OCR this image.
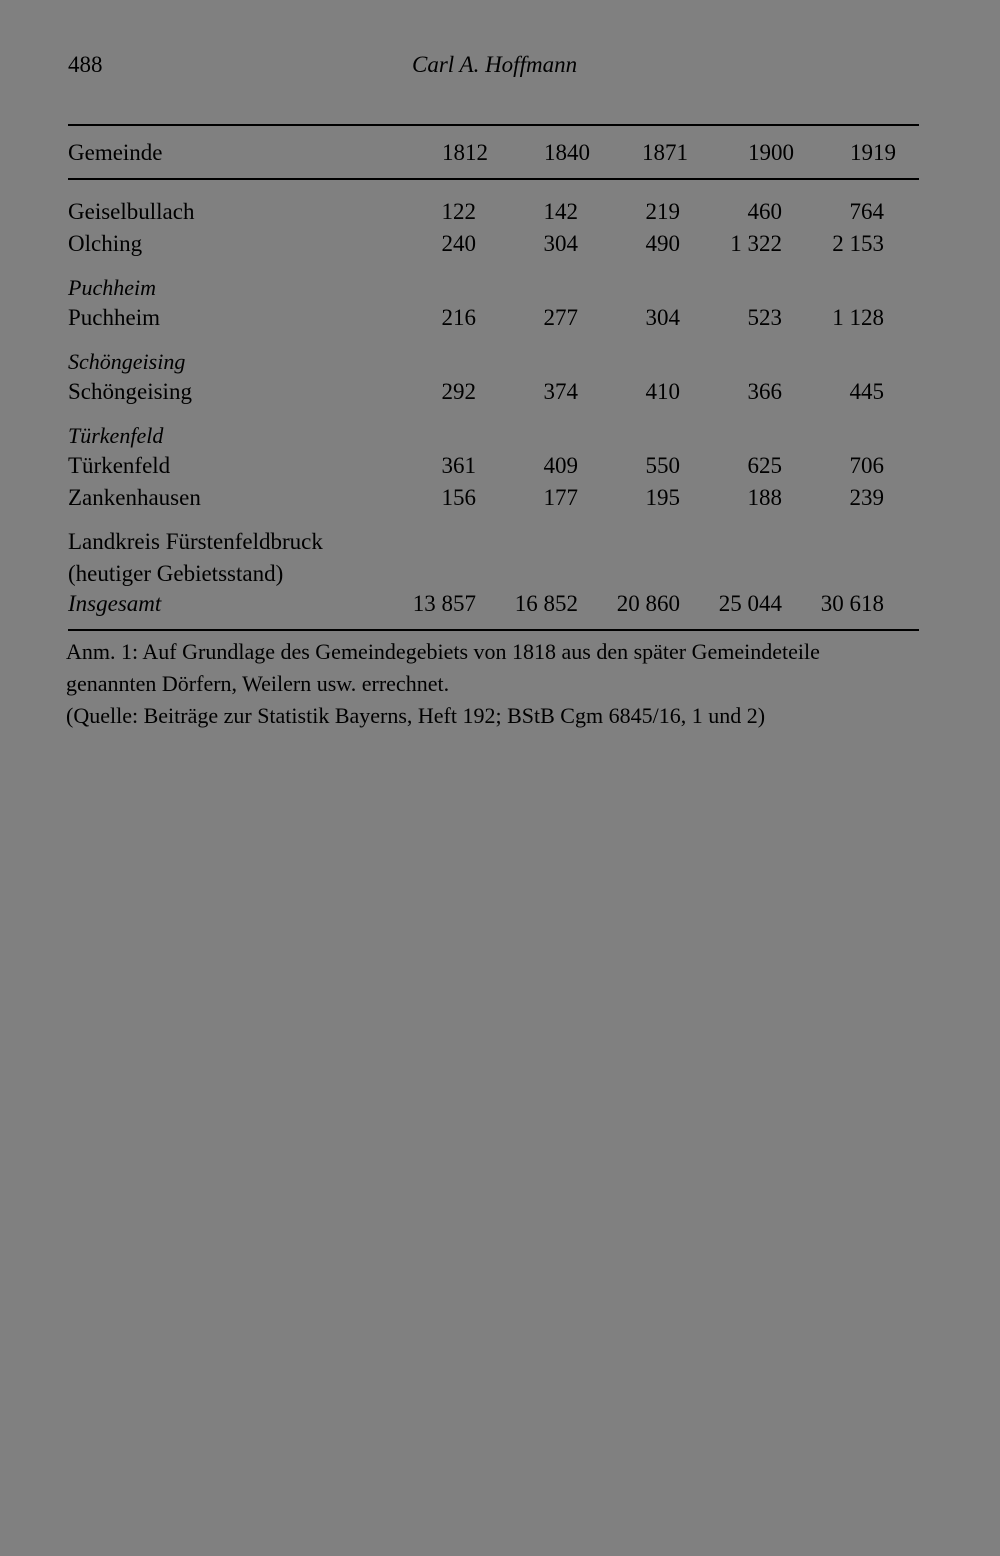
488	Carl A. Hoffmann
Gemeinde	1812	1840	1871	1900	1919
Geiselbullach	122	142	219	460	764
Olching	240	304	490	1 322	2 153
Puchheim
Puchheim	216	277	304	523	1 128
Schöngeising
Schöngeising	292	374	410	366	445
Türkenfeld
Türkenfeld	361	409	550	625	706
Zankenhausen	156	177	195	188	239
Landkreis Fürstenfeldbruck
(heutiger Gebietsstand)
Insgesamt	13 857	16 852	20 860	25 044	30 618

Anm. 1: Auf Grundlage des Gemeindegebiets von 1818 aus den später Gemeindeteile

genannten Dörfern, Weilern usw. errechnet.

(Quelle: Beiträge zur Statistik Bayerns, Heft 192; BStB Cgm 6845/16, 1 und 2)
